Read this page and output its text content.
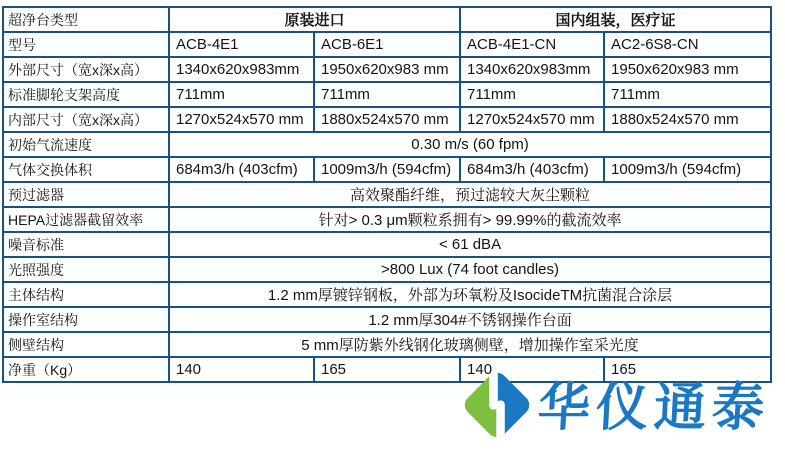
超净台类型	原装进口		国内组装，医疗证	
型号	ACB-4E1	ACB-6E1	ACB-4E1-CN	AC2-6S8-CN
外部尺寸（宽x深x高）	1340x620x983mm	1950x620x983 mm	1340x620x983mm	1950x620x983 mm
标准脚轮支架高度	711mm	711mm	711mm	711mm
内部尺寸（宽x深x高）	1270x524x570 mm	1880x524x570 mm	1270x524x570 mm	1880x524x570 mm
初始气流速度	0.30 m/s (60 fpm)			
气体交换体积	684m3/h (403cfm)	1009m3/h (594cfm)	684m3/h (403cfm)	1009m3/h (594cfm)
预过滤器	高效聚酯纤维，预过滤较大灰尘颗粒			
HEPA过滤器截留效率	针对> 0.3 μm颗粒系拥有> 99.99%的截流效率			
噪音标准	< 61 dBA			
光照强度	>800 Lux (74 foot candles)			
主体结构	1.2 mm厚镀锌钢板，外部为环氧粉及IsocideTM抗菌混合涂层			
操作室结构	1.2 mm厚304#不锈钢操作台面			
侧壁结构	5 mm厚防紫外线钢化玻璃侧壁，增加操作室采光度			
净重（Kg）	140	165	140	165
华仪通泰
